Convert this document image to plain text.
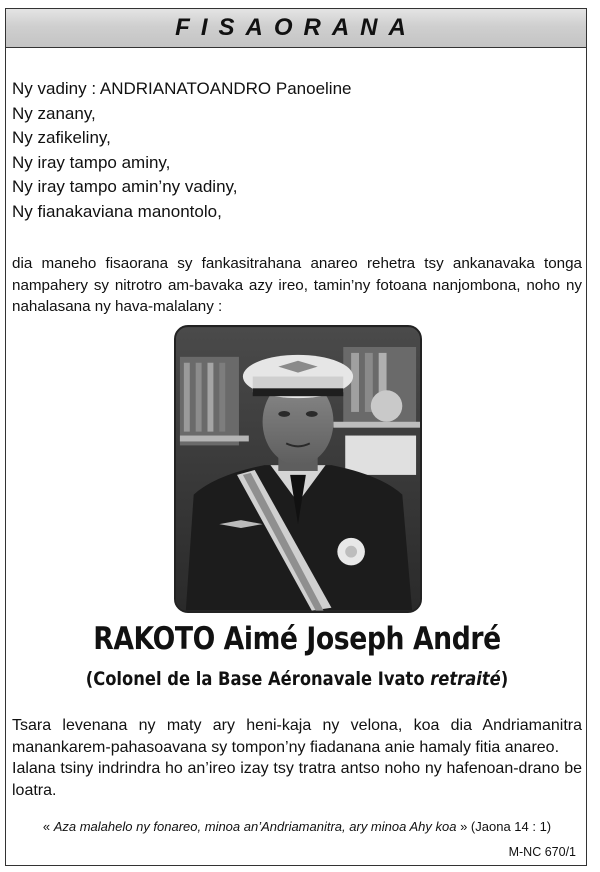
FISAORANA
Ny vadiny : ANDRIANATOANDRO Panoeline
Ny zanany,
Ny zafikeliny,
Ny iray tampo aminy,
Ny iray tampo amin’ny vadiny,
Ny fianakaviana manontolo,
dia maneho fisaorana sy fankasitrahana anareo rehetra tsy ankanavaka tonga nampahery sy nitrotro am-bavaka azy ireo, tamin’ny fotoana nanjombona, noho ny nahalasana ny hava-malalany :
RAKOTO Aimé Joseph André
(Colonel de la Base Aéronavale Ivato retraité)
Tsara levenana ny maty ary heni-kaja ny velona, koa dia Andriamanitra manankarem-pahasoavana sy tompon’ny fiadanana anie hamaly fitia anareo.
Ialana tsiny indrindra ho an’ireo izay tsy tratra antso noho ny hafenoan-drano be loatra.
« Aza malahelo ny fonareo, minoa an’Andriamanitra, ary minoa Ahy koa » (Jaona 14 : 1)
M-NC 670/1
